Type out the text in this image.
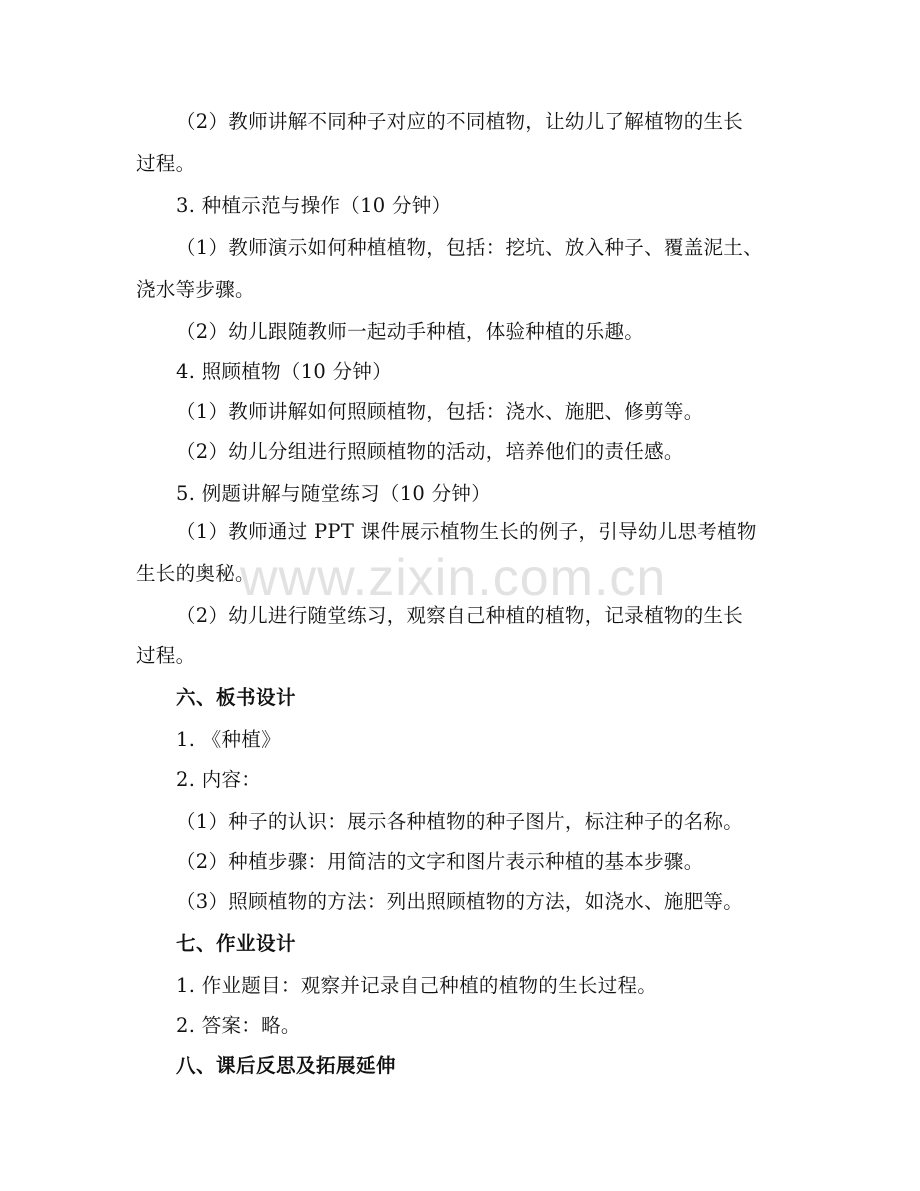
（2）教师讲解不同种子对应的不同植物，让幼儿了解植物的生长
过程。
3. 种植示范与操作（10 分钟）
（1）教师演示如何种植植物，包括：挖坑、放入种子、覆盖泥土、
浇水等步骤。
（2）幼儿跟随教师一起动手种植，体验种植的乐趣。
4. 照顾植物（10 分钟）
（1）教师讲解如何照顾植物，包括：浇水、施肥、修剪等。
（2）幼儿分组进行照顾植物的活动，培养他们的责任感。
5. 例题讲解与随堂练习（10 分钟）
（1）教师通过 PPT 课件展示植物生长的例子，引导幼儿思考植物
生长的奥秘。
（2）幼儿进行随堂练习，观察自己种植的植物，记录植物的生长
过程。
六、板书设计
1. 《种植》
2. 内容：
（1）种子的认识：展示各种植物的种子图片，标注种子的名称。
（2）种植步骤：用简洁的文字和图片表示种植的基本步骤。
（3）照顾植物的方法：列出照顾植物的方法，如浇水、施肥等。
七、作业设计
1. 作业题目：观察并记录自己种植的植物的生长过程。
2. 答案：略。
八、课后反思及拓展延伸
www.zixin.com.cn
